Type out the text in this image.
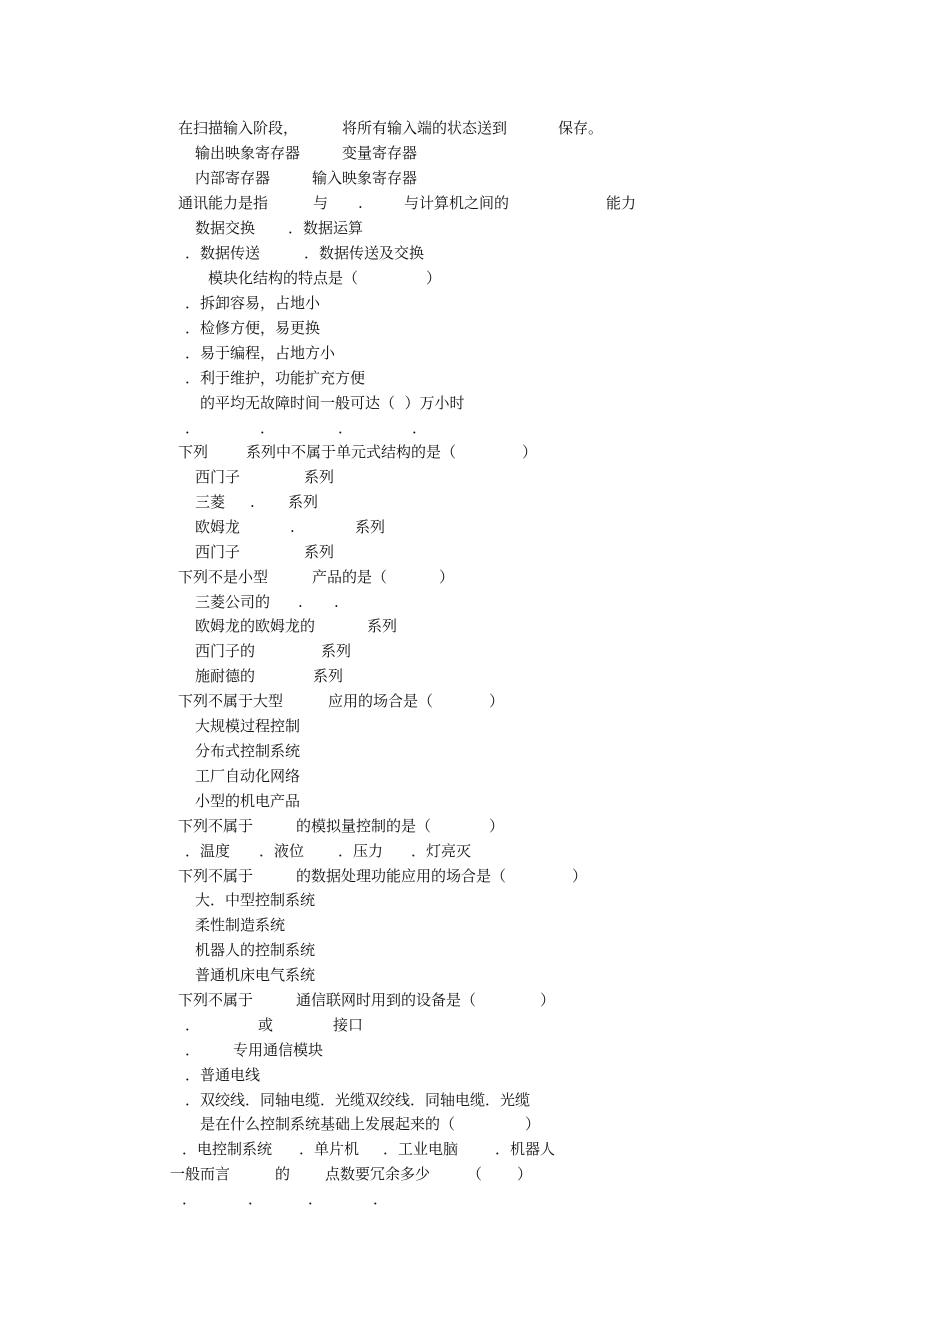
在扫描输入阶段，	将所有输入端的状态送到	保存。
输出映象寄存器	变量寄存器
内部寄存器	输入映象寄存器
通讯能力是指	与 .	与计算机之间的	能力
数据交换 ．数据运算
．数据传送	．数据传送及交换
模块化结构的特点是（	）
．拆卸容易，占地小
．检修方便，易更换
．易于编程，占地方小
．利于维护，功能扩充方便
的平均无故障时间一般可达（  ）万小时
．	．	．	．
下列	系列中不属于单元式结构的是（	）
西门子	系列
三菱 . 系列
欧姆龙	.	系列
西门子	系列
下列不是小型	产品的是（	）
三菱公司的 . .
欧姆龙的欧姆龙的	系列
西门子的	系列
施耐德的	系列
下列不属于大型	应用的场合是（	）
大规模过程控制
分布式控制系统
工厂自动化网络
小型的机电产品
下列不属于	的模拟量控制的是（	）
．温度 ．液位 ．压力 ．灯亮灭
下列不属于	的数据处理功能应用的场合是（	）
大．中型控制系统
柔性制造系统
机器人的控制系统
普通机床电气系统
下列不属于	通信联网时用到的设备是（	）
．	或	接口
． 专用通信模块
．普通电线
．双绞线．同轴电缆．光缆双绞线．同轴电缆．光缆
是在什么控制系统基础上发展起来的（	）
．电控制系统 ．单片机 ．工业电脑 ．机器人
一般而言	的 点数要冗余多少 （ ）
．	．	．	．
